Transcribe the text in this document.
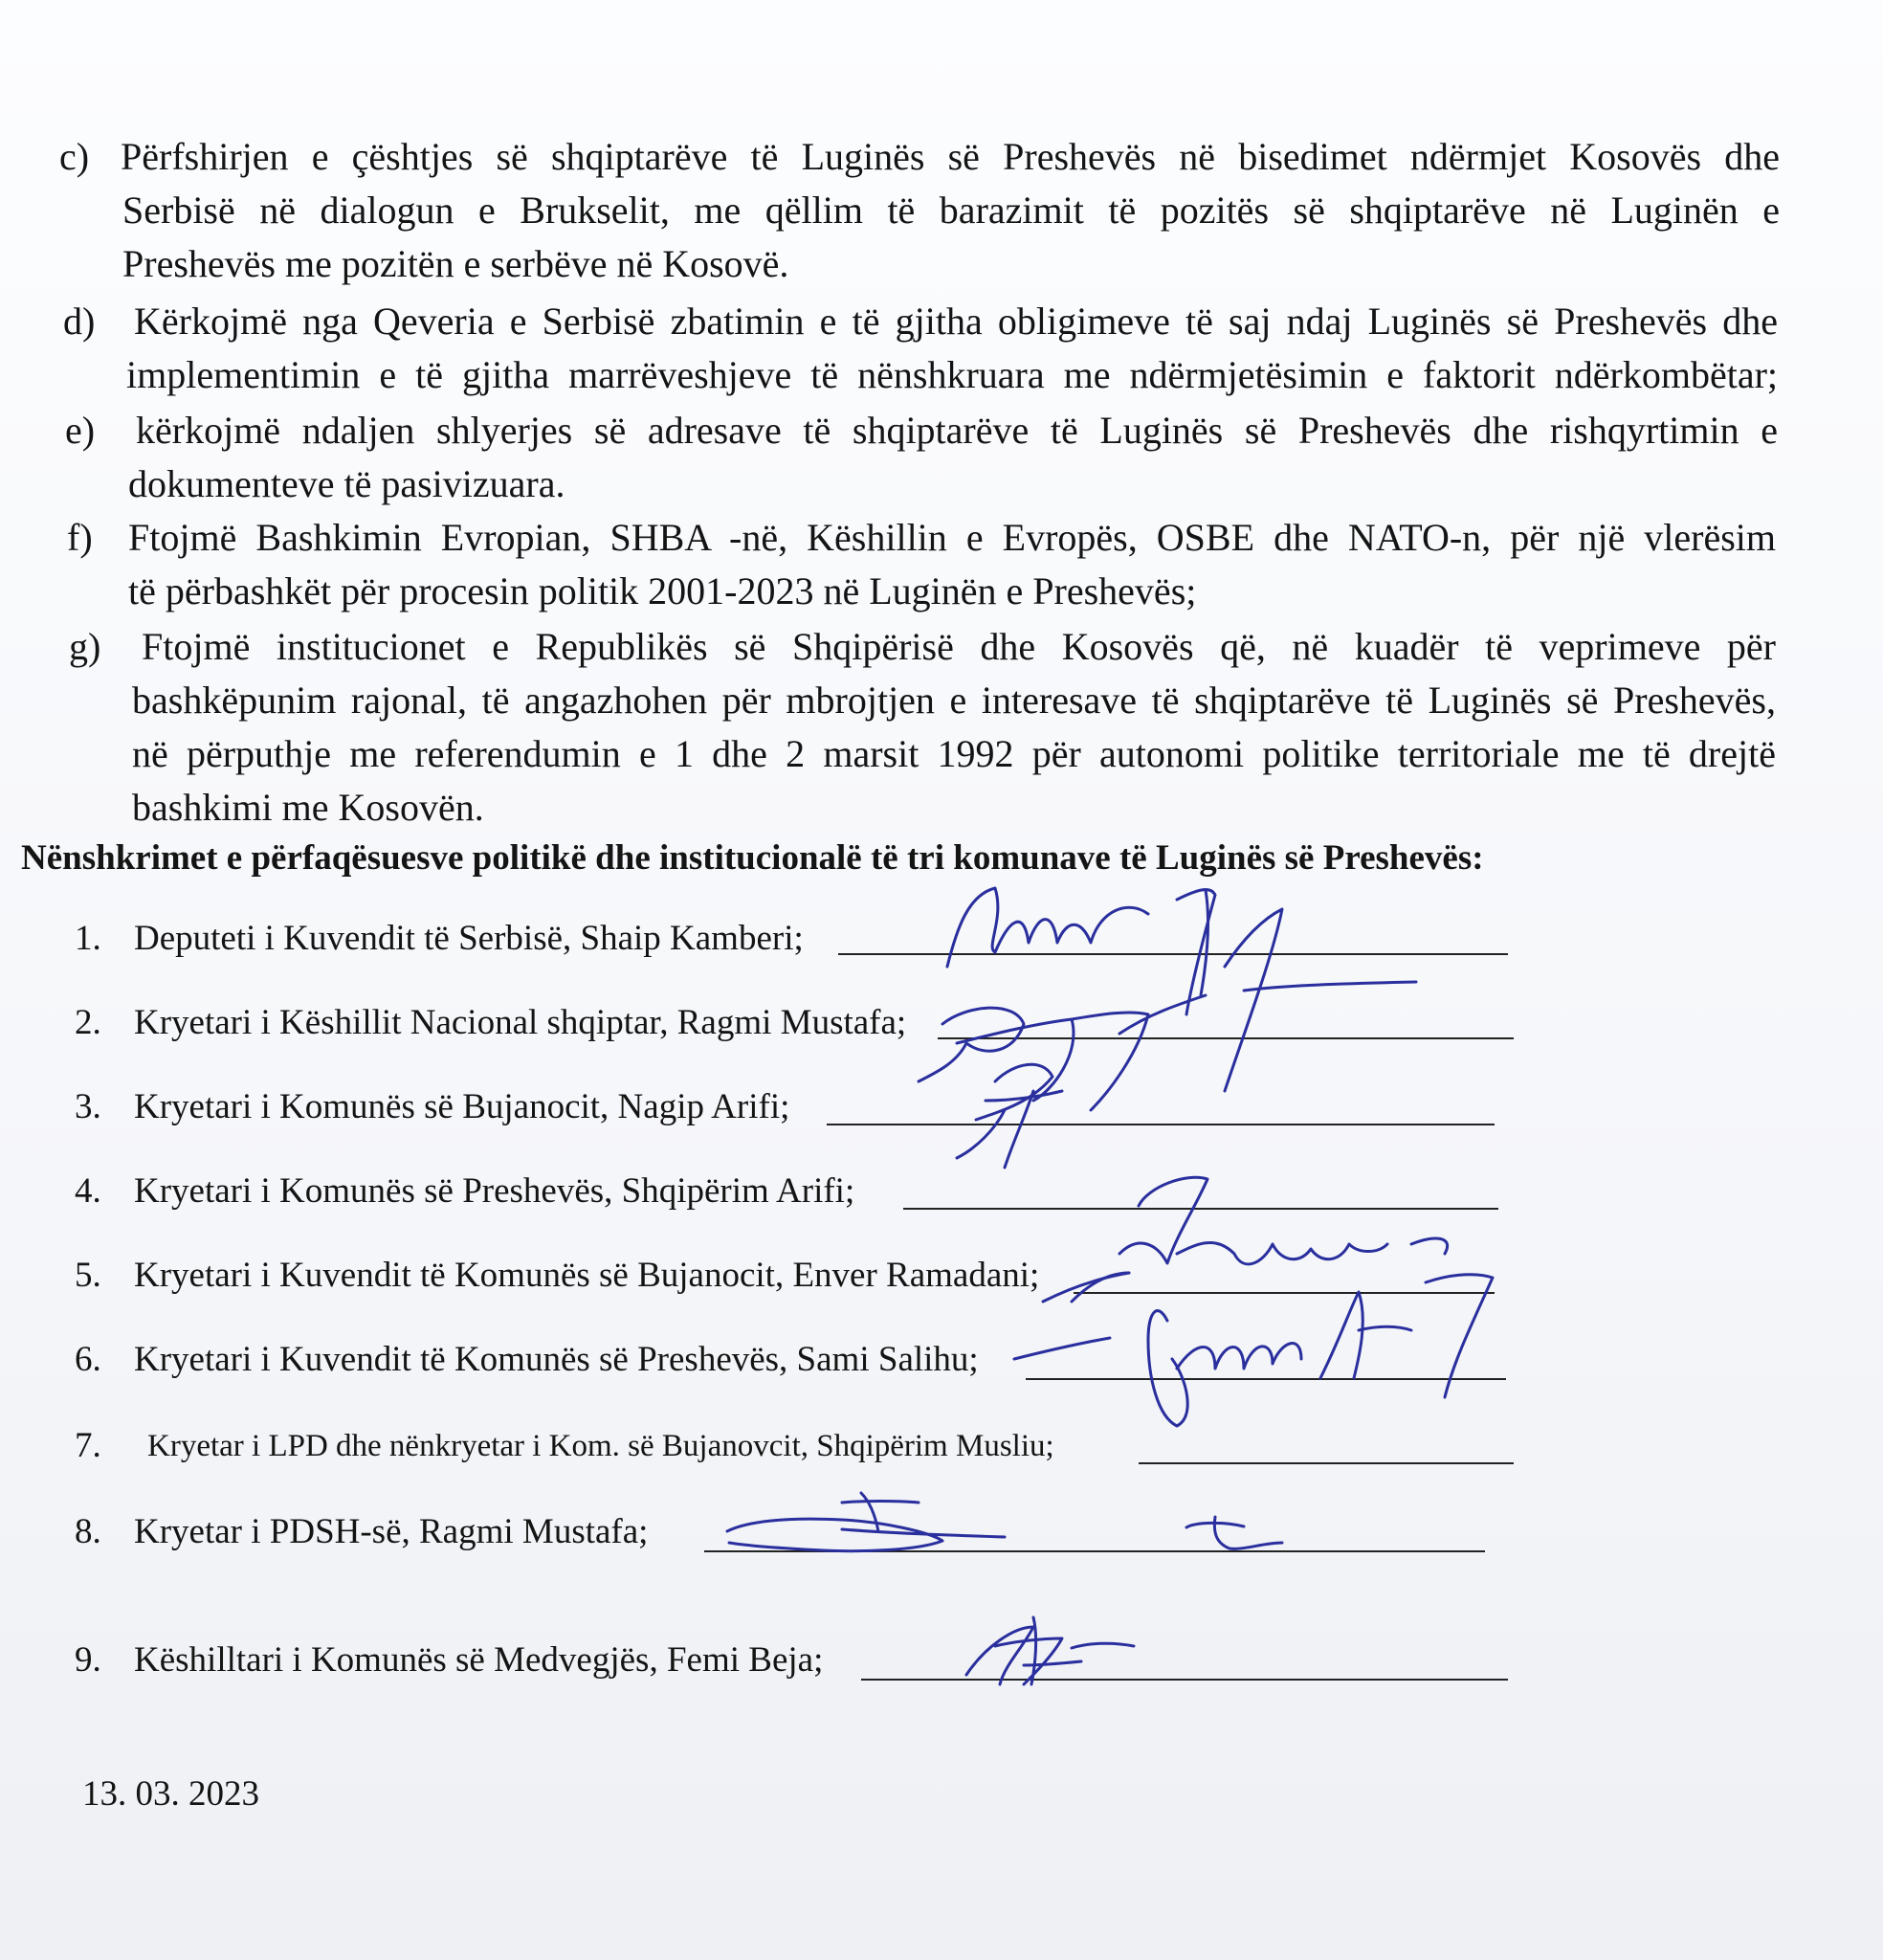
c) Përfshirjen e çështjes së shqiptarëve të Luginës së Preshevës në bisedimet ndërmjet Kosovës dhe
Serbisë në dialogun e Brukselit, me qëllim të barazimit të pozitës së shqiptarëve në Luginën e
Preshevës me pozitën e serbëve në Kosovë.
d) Kërkojmë nga Qeveria e Serbisë zbatimin e të gjitha obligimeve të saj ndaj Luginës së Preshevës dhe
implementimin e të gjitha marrëveshjeve të nënshkruara me ndërmjetësimin e faktorit ndërkombëtar;
e) kërkojmë ndaljen shlyerjes së adresave të shqiptarëve të Luginës së Preshevës dhe rishqyrtimin e
dokumenteve të pasivizuara.
f) Ftojmë Bashkimin Evropian, SHBA -në, Këshillin e Evropës, OSBE dhe NATO-n, për një vlerësim
të përbashkët për procesin politik 2001-2023 në Luginën e Preshevës;
g) Ftojmë institucionet e Republikës së Shqipërisë dhe Kosovës që, në kuadër të veprimeve për
bashkëpunim rajonal, të angazhohen për mbrojtjen e interesave të shqiptarëve të Luginës së Preshevës,
në përputhje me referendumin e 1 dhe 2 marsit 1992 për autonomi politike territoriale me të drejtë
bashkimi me Kosovën.
Nënshkrimet e përfaqësuesve politikë dhe institucionalë të tri komunave të Luginës së Preshevës:
1. Deputeti i Kuvendit të Serbisë, Shaip Kamberi;
2. Kryetari i Këshillit Nacional shqiptar, Ragmi Mustafa;
3. Kryetari i Komunës së Bujanocit, Nagip Arifi;
4. Kryetari i Komunës së Preshevës, Shqipërim Arifi;
5. Kryetari i Kuvendit të Komunës së Bujanocit, Enver Ramadani;
6. Kryetari i Kuvendit të Komunës së Preshevës, Sami Salihu;
7. Kryetar i LPD dhe nënkryetar i Kom. së Bujanovcit, Shqipërim Musliu;
8. Kryetar i PDSH-së, Ragmi Mustafa;
9. Këshilltari i Komunës së Medvegjës, Femi Beja;
13. 03. 2023
